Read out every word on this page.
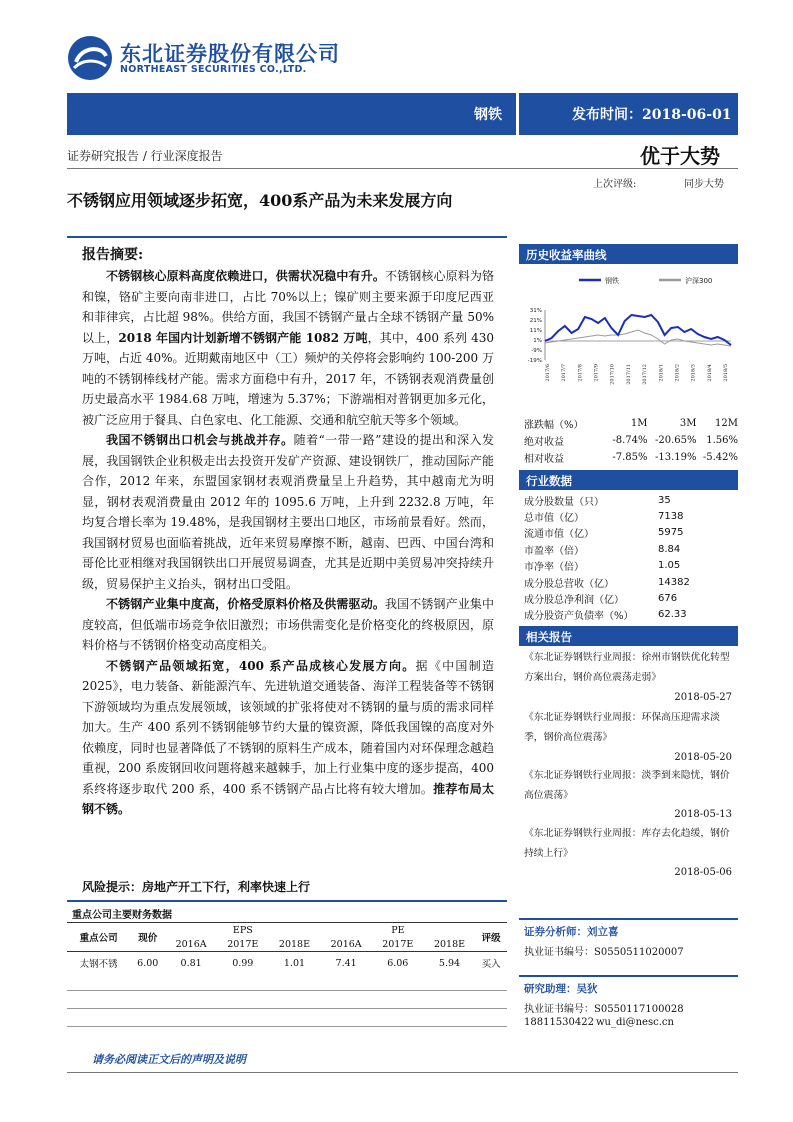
东北证券股份有限公司
NORTHEAST SECURITIES CO.,LTD.
钢铁	发布时间：2018-06-01
证券研究报告 / 行业深度报告	优于大势
上次评级:	同步大势
不锈钢应用领域逐步拓宽，400系产品为未来发展方向
报告摘要:

不锈钢核心原料高度依赖进口，供需状况稳中有升。不锈钢核心原料为铬和镍，铬矿主要向南非进口，占比 70%以上；镍矿则主要来源于印度尼西亚和菲律宾，占比超 98%。供给方面，我国不锈钢产量占全球不锈钢产量 50%以上，2018 年国内计划新增不锈钢产能 1082 万吨，其中，400 系列 430 万吨，占近 40%。近期戴南地区中（工）频炉的关停将会影响约 100-200 万吨的不锈钢棒线材产能。需求方面稳中有升，2017 年，不锈钢表观消费量创历史最高水平 1984.68 万吨，增速为 5.37%；下游端相对普钢更加多元化，被广泛应用于餐具、白色家电、化工能源、交通和航空航天等多个领域。

我国不锈钢出口机会与挑战并存。随着“一带一路”建设的提出和深入发展，我国钢铁企业积极走出去投资开发矿产资源、建设钢铁厂，推动国际产能合作，2012 年来，东盟国家钢材表观消费量呈上升趋势，其中越南尤为明显，钢材表观消费量由 2012 年的 1095.6 万吨，上升到 2232.8 万吨，年均复合增长率为 19.48%，是我国钢材主要出口地区，市场前景看好。然而，我国钢材贸易也面临着挑战，近年来贸易摩擦不断，越南、巴西、中国台湾和哥伦比亚相继对我国钢铁出口开展贸易调查，尤其是近期中美贸易冲突持续升级，贸易保护主义抬头，钢材出口受阻。

不锈钢产业集中度高，价格受原料价格及供需驱动。我国不锈钢产业集中度较高，但低端市场竞争依旧激烈；市场供需变化是价格变化的终极原因，原料价格与不锈钢价格变动高度相关。

不锈钢产品领域拓宽，400 系产品成核心发展方向。据《中国制造 2025》，电力装备、新能源汽车、先进轨道交通装备、海洋工程装备等不锈钢下游领域均为重点发展领域，该领域的扩张将使对不锈钢的量与质的需求同样加大。生产 400 系列不锈钢能够节约大量的镍资源，降低我国镍的高度对外依赖度，同时也显著降低了不锈钢的原料生产成本，随着国内对环保理念越趋重视，200 系废钢回收问题将越来越棘手，加上行业集中度的逐步提高，400 系终将逐步取代 200 系，400 系不锈钢产品占比将有较大增加。推荐布局太钢不锈。

风险提示：房地产开工下行，利率快速上行
重点公司主要财务数据
重点公司	现价	EPS			PE			评级
		2016A	2017E	2018E	2016A	2017E	2018E	
太钢不锈	6.00	0.81	0.99	1.01	7.41	6.06	5.94	买入
请务必阅读正文后的声明及说明
历史收益率曲线
钢铁	沪深300
31%
21%
11%
1%
-9%
-19%
2017/6 2017/7 2017/8 2017/9 2017/10 2017/11 2017/12 2018/1 2018/2 2018/3 2018/4 2018/5
涨跌幅（%）	1M	3M	12M
绝对收益	-8.74%	-20.65%	1.56%
相对收益	-7.85%	-13.19%	-5.42%
行业数据
成分股数量（只）	35
总市值（亿）	7138
流通市值（亿）	5975
市盈率（倍）	8.84
市净率（倍）	1.05
成分股总营收（亿）	14382
成分股总净利润（亿）	676
成分股资产负债率（%）	62.33
相关报告
《东北证券钢铁行业周报：徐州市钢铁优化转型方案出台，钢价高位震荡走弱》
2018-05-27
《东北证券钢铁行业周报：环保高压迎需求淡季，钢价高位震荡》
2018-05-20
《东北证券钢铁行业周报：淡季到来隐忧，钢价高位震荡》
2018-05-13
《东北证券钢铁行业周报：库存去化趋缓，钢价持续上行》
2018-05-06
证券分析师：刘立喜
执业证书编号：S0550511020007
研究助理：吴狄
执业证书编号：S0550117100028
18811530422 wu_di@nesc.cn
